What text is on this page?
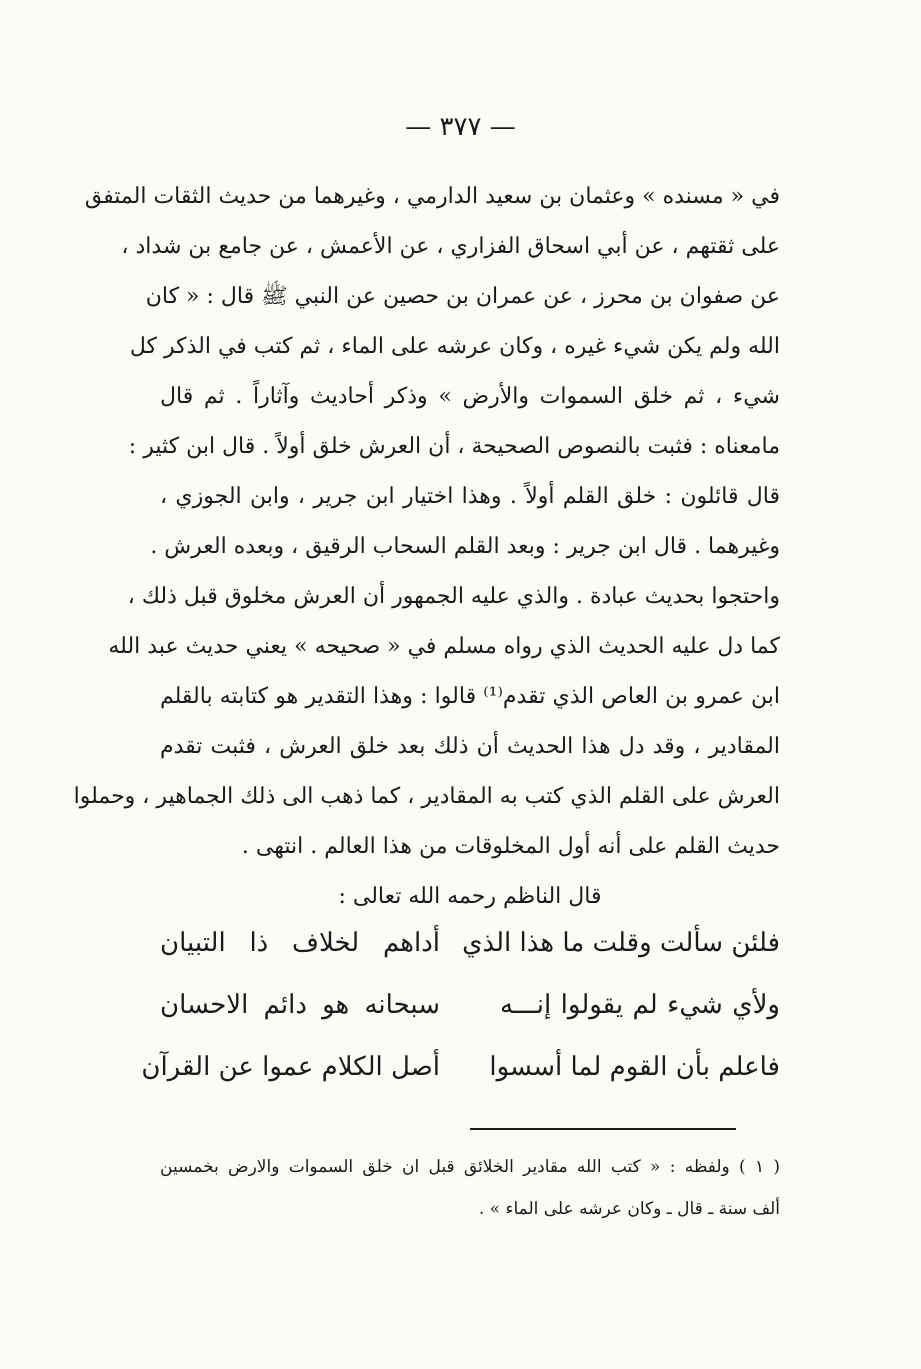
— ٣٧٧ —
في « مسنده » وعثمان بن سعيد الدارمي ، وغيرهما من حديث الثقات المتفق
على ثقتهم ، عن أبي اسحاق الفزاري ، عن الأعمش ، عن جامع بن شداد ،
عن صفوان بن محرز ، عن عمران بن حصين عن النبي ﷺ قال : « كان
الله ولم يكن شيء غيره ، وكان عرشه على الماء ، ثم كتب في الذكر كل
شيء ، ثم خلق السموات والأرض » وذكر أحاديث وآثاراً . ثم قال
مامعناه : فثبت بالنصوص الصحيحة ، أن العرش خلق أولاً . قال ابن كثير :
قال قائلون : خلق القلم أولاً . وهذا اختيار ابن جرير ، وابن الجوزي ،
وغيرهما . قال ابن جرير : وبعد القلم السحاب الرقيق ، وبعده العرش .
واحتجوا بحديث عبادة . والذي عليه الجمهور أن العرش مخلوق قبل ذلك ،
كما دل عليه الحديث الذي رواه مسلم في « صحيحه » يعني حديث عبد الله
ابن عمرو بن العاص الذي تقدم⁽¹⁾ قالوا : وهذا التقدير هو كتابته بالقلم
المقادير ، وقد دل هذا الحديث أن ذلك بعد خلق العرش ، فثبت تقدم
العرش على القلم الذي كتب به المقادير ، كما ذهب الى ذلك الجماهير ، وحملوا
حديث القلم على أنه أول المخلوقات من هذا العالم . انتهى .
قال الناظم رحمه الله تعالى :
فلئن سألت وقلت ما هذا الذي
أداهم لخلاف ذا التبيان
ولأي شيء لم يقولوا إنـــه
سبحانه هو دائم الاحسان
فاعلم بأن القوم لما أسسوا
أصل الكلام عموا عن القرآن
( ١ ) ولفظه : « كتب الله مقادير الخلائق قبل ان خلق السموات والارض بخمسين
ألف سنة ـ قال ـ وكان عرشه على الماء » .
